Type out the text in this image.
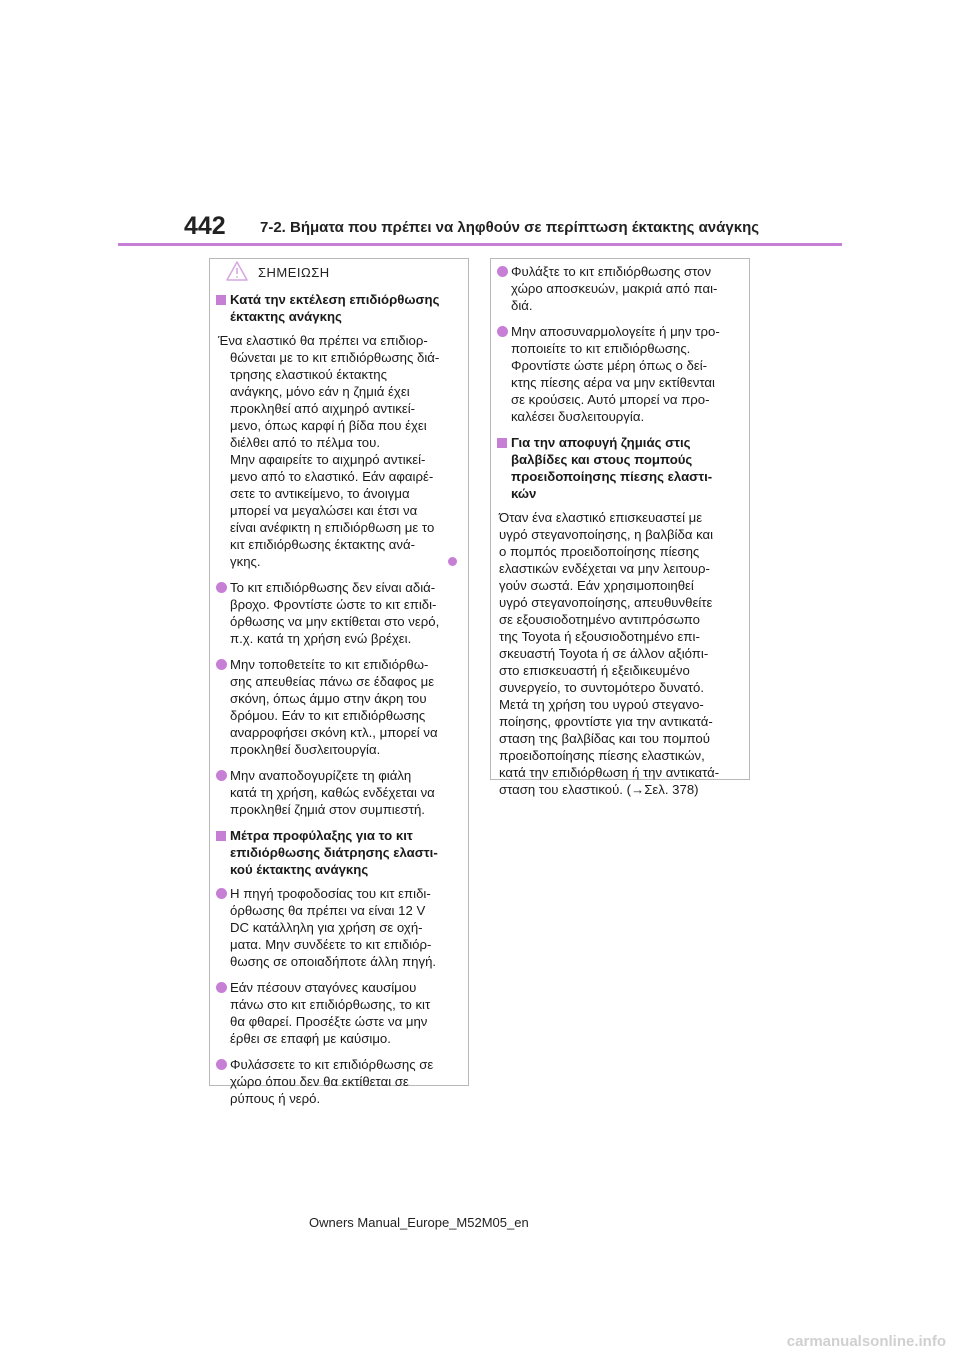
442 7-2. Βήματα που πρέπει να ληφθούν σε περίπτωση έκτακτης ανάγκης
ΣΗΜΕΙΩΣΗ
Κατά την εκτέλεση επιδιόρθωσης
έκτακτης ανάγκης
Ένα ελαστικό θα πρέπει να επιδιορ-
θώνεται με το κιτ επιδιόρθωσης διά-
τρησης ελαστικού έκτακτης
ανάγκης, μόνο εάν η ζημιά έχει
προκληθεί από αιχμηρό αντικεί-
μενο, όπως καρφί ή βίδα που έχει
διέλθει από το πέλμα του.
Μην αφαιρείτε το αιχμηρό αντικεί-
μενο από το ελαστικό. Εάν αφαιρέ-
σετε το αντικείμενο, το άνοιγμα
μπορεί να μεγαλώσει και έτσι να
είναι ανέφικτη η επιδιόρθωση με το
κιτ επιδιόρθωσης έκτακτης ανά-
γκης.
Το κιτ επιδιόρθωσης δεν είναι αδιά-
βροχο. Φροντίστε ώστε το κιτ επιδι-
όρθωσης να μην εκτίθεται στο νερό,
π.χ. κατά τη χρήση ενώ βρέχει.
Μην τοποθετείτε το κιτ επιδιόρθω-
σης απευθείας πάνω σε έδαφος με
σκόνη, όπως άμμο στην άκρη του
δρόμου. Εάν το κιτ επιδιόρθωσης
αναρροφήσει σκόνη κτλ., μπορεί να
προκληθεί δυσλειτουργία.
Μην αναποδογυρίζετε τη φιάλη
κατά τη χρήση, καθώς ενδέχεται να
προκληθεί ζημιά στον συμπιεστή.
Μέτρα προφύλαξης για το κιτ
επιδιόρθωσης διάτρησης ελαστι-
κού έκτακτης ανάγκης
Η πηγή τροφοδοσίας του κιτ επιδι-
όρθωσης θα πρέπει να είναι 12 V
DC κατάλληλη για χρήση σε οχή-
ματα. Μην συνδέετε το κιτ επιδιόρ-
θωσης σε οποιαδήποτε άλλη πηγή.
Εάν πέσουν σταγόνες καυσίμου
πάνω στο κιτ επιδιόρθωσης, το κιτ
θα φθαρεί. Προσέξτε ώστε να μην
έρθει σε επαφή με καύσιμο.
Φυλάσσετε το κιτ επιδιόρθωσης σε
χώρο όπου δεν θα εκτίθεται σε
ρύπους ή νερό.
Φυλάξτε το κιτ επιδιόρθωσης στον
χώρο αποσκευών, μακριά από παι-
διά.
Μην αποσυναρμολογείτε ή μην τρο-
ποποιείτε το κιτ επιδιόρθωσης.
Φροντίστε ώστε μέρη όπως ο δεί-
κτης πίεσης αέρα να μην εκτίθενται
σε κρούσεις. Αυτό μπορεί να προ-
καλέσει δυσλειτουργία.
Για την αποφυγή ζημιάς στις
βαλβίδες και στους πομπούς
προειδοποίησης πίεσης ελαστι-
κών
Όταν ένα ελαστικό επισκευαστεί με
υγρό στεγανοποίησης, η βαλβίδα και
ο πομπός προειδοποίησης πίεσης
ελαστικών ενδέχεται να μην λειτουρ-
γούν σωστά. Εάν χρησιμοποιηθεί
υγρό στεγανοποίησης, απευθυνθείτε
σε εξουσιοδοτημένο αντιπρόσωπο
της Toyota ή εξουσιοδοτημένο επι-
σκευαστή Toyota ή σε άλλον αξιόπι-
στο επισκευαστή ή εξειδικευμένο
συνεργείο, το συντομότερο δυνατό.
Μετά τη χρήση του υγρού στεγανο-
ποίησης, φροντίστε για την αντικατά-
σταση της βαλβίδας και του πομπού
προειδοποίησης πίεσης ελαστικών,
κατά την επιδιόρθωση ή την αντικατά-
σταση του ελαστικού. (→Σελ. 378)
Owners Manual_Europe_M52M05_en
carmanualsonline.info
